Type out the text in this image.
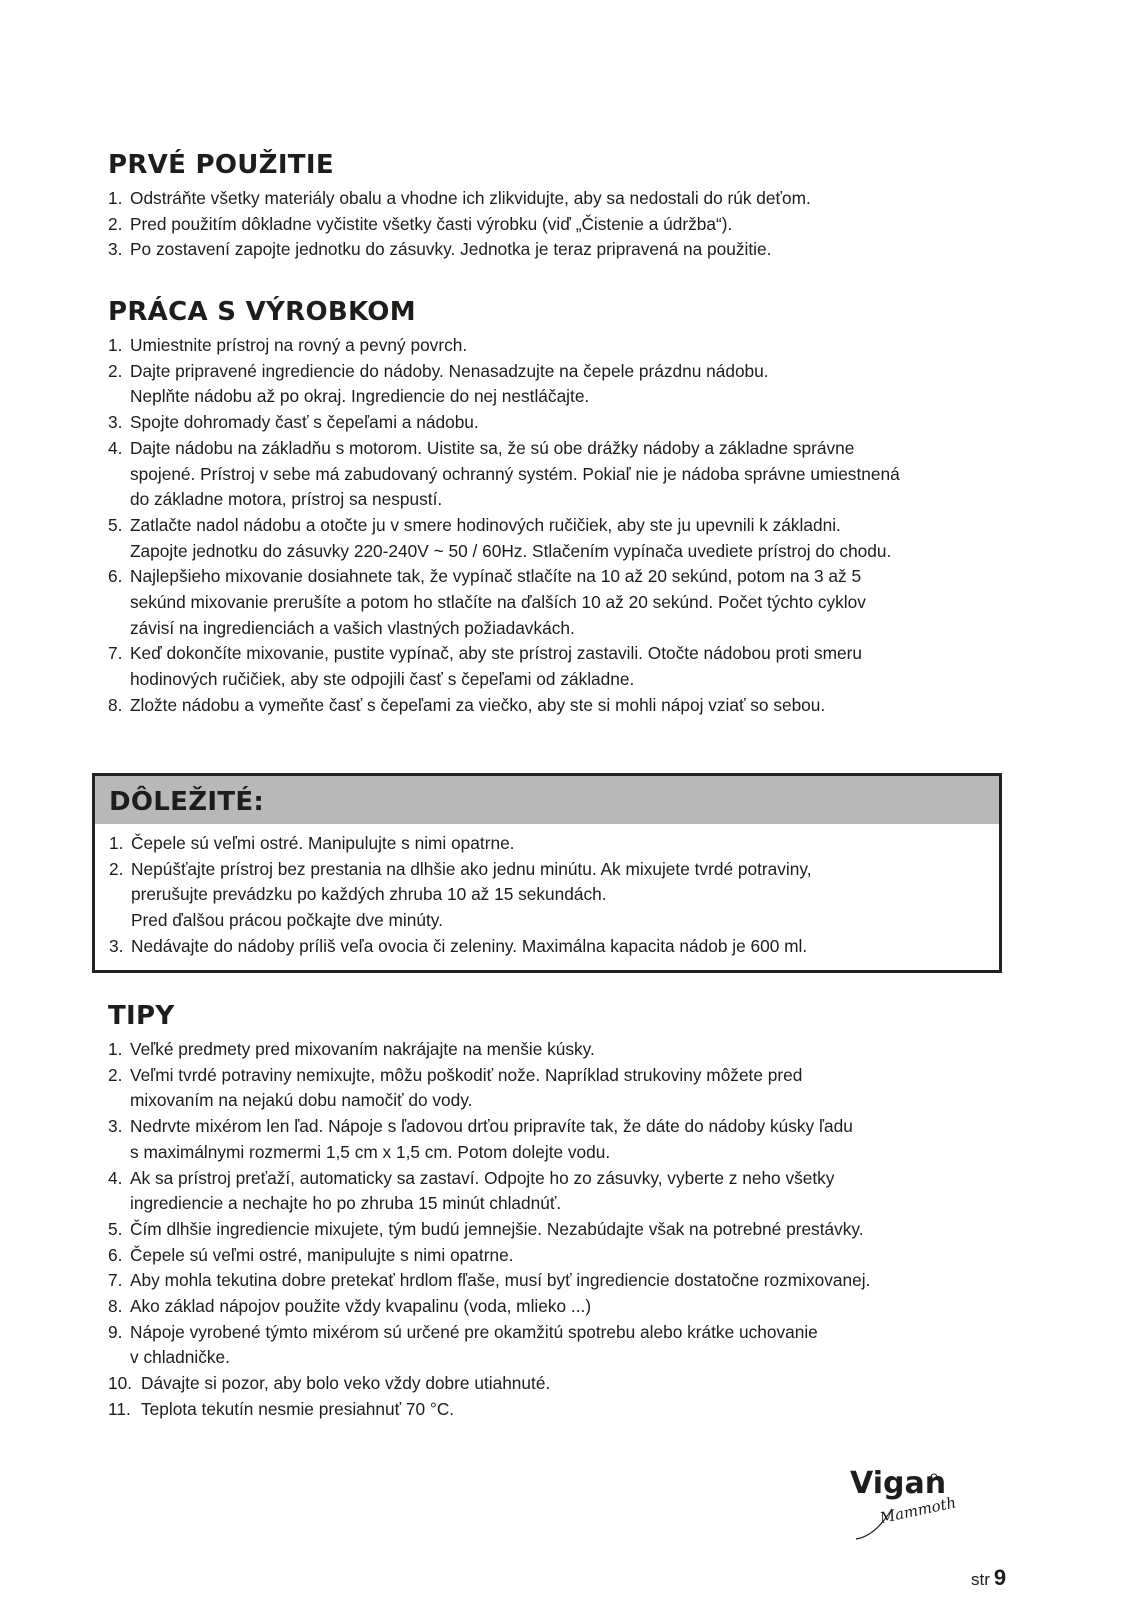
PRVÉ POUŽITIE
1. Odstráňte všetky materiály obalu a vhodne ich zlikvidujte, aby sa nedostali do rúk deťom.
2. Pred použitím dôkladne vyčistite všetky časti výrobku (viď „Čistenie a údržba“).
3. Po zostavení zapojte jednotku do zásuvky. Jednotka je teraz pripravená na použitie.
PRÁCA S VÝROBKOM
1. Umiestnite prístroj na rovný a pevný povrch.
2. Dajte pripravené ingrediencie do nádoby. Nenasadzujte na čepele prázdnu nádobu.
Neplňte nádobu až po okraj. Ingrediencie do nej nestláčajte.
3. Spojte dohromady časť s čepeľami a nádobu.
4. Dajte nádobu na základňu s motorom. Uistite sa, že sú obe drážky nádoby a základne správne
spojené. Prístroj v sebe má zabudovaný ochranný systém. Pokiaľ nie je nádoba správne umiestnená
do základne motora, prístroj sa nespustí.
5. Zatlačte nadol nádobu a otočte ju v smere hodinových ručičiek, aby ste ju upevnili k základni.
Zapojte jednotku do zásuvky 220-240V ~ 50 / 60Hz. Stlačením vypínača uvediete prístroj do chodu.
6. Najlepšieho mixovanie dosiahnete tak, že vypínač stlačíte na 10 až 20 sekúnd, potom na 3 až 5
sekúnd mixovanie prerušíte a potom ho stlačíte na ďalších 10 až 20 sekúnd. Počet týchto cyklov
závisí na ingredienciách a vašich vlastných požiadavkách.
7. Keď dokončíte mixovanie, pustite vypínač, aby ste prístroj zastavili. Otočte nádobou proti smeru
hodinových ručičiek, aby ste odpojili časť s čepeľami od základne.
8. Zložte nádobu a vymeňte časť s čepeľami za viečko, aby ste si mohli nápoj vziať so sebou.
DÔLEŽITÉ:
1. Čepele sú veľmi ostré. Manipulujte s nimi opatrne.
2. Nepúšťajte prístroj bez prestania na dlhšie ako jednu minútu. Ak mixujete tvrdé potraviny,
prerušujte prevádzku po každých zhruba 10 až 15 sekundách.
Pred ďalšou prácou počkajte dve minúty.
3. Nedávajte do nádoby príliš veľa ovocia či zeleniny. Maximálna kapacita nádob je 600 ml.
TIPY
1. Veľké predmety pred mixovaním nakrájajte na menšie kúsky.
2. Veľmi tvrdé potraviny nemixujte, môžu poškodiť nože. Napríklad strukoviny môžete pred
mixovaním na nejakú dobu namočiť do vody.
3. Nedrvte mixérom len ľad. Nápoje s ľadovou drťou pripravíte tak, že dáte do nádoby kúsky ľadu
s maximálnymi rozmermi 1,5 cm x 1,5 cm. Potom dolejte vodu.
4. Ak sa prístroj preťaží, automaticky sa zastaví. Odpojte ho zo zásuvky, vyberte z neho všetky
ingrediencie a nechajte ho po zhruba 15 minút chladnúť.
5. Čím dlhšie ingrediencie mixujete, tým budú jemnejšie. Nezabúdajte však na potrebné prestávky.
6. Čepele sú veľmi ostré, manipulujte s nimi opatrne.
7. Aby mohla tekutina dobre pretekať hrdlom fľaše, musí byť ingrediencie dostatočne rozmixovanej.
8. Ako základ nápojov použite vždy kvapalinu (voda, mlieko ...)
9. Nápoje vyrobené týmto mixérom sú určené pre okamžitú spotrebu alebo krátke uchovanie
v chladničke.
10. Dávajte si pozor, aby bolo veko vždy dobre utiahnuté.
11. Teplota tekutín nesmie presiahnuť 70 °C.
Vigan
Mammoth
str 9
